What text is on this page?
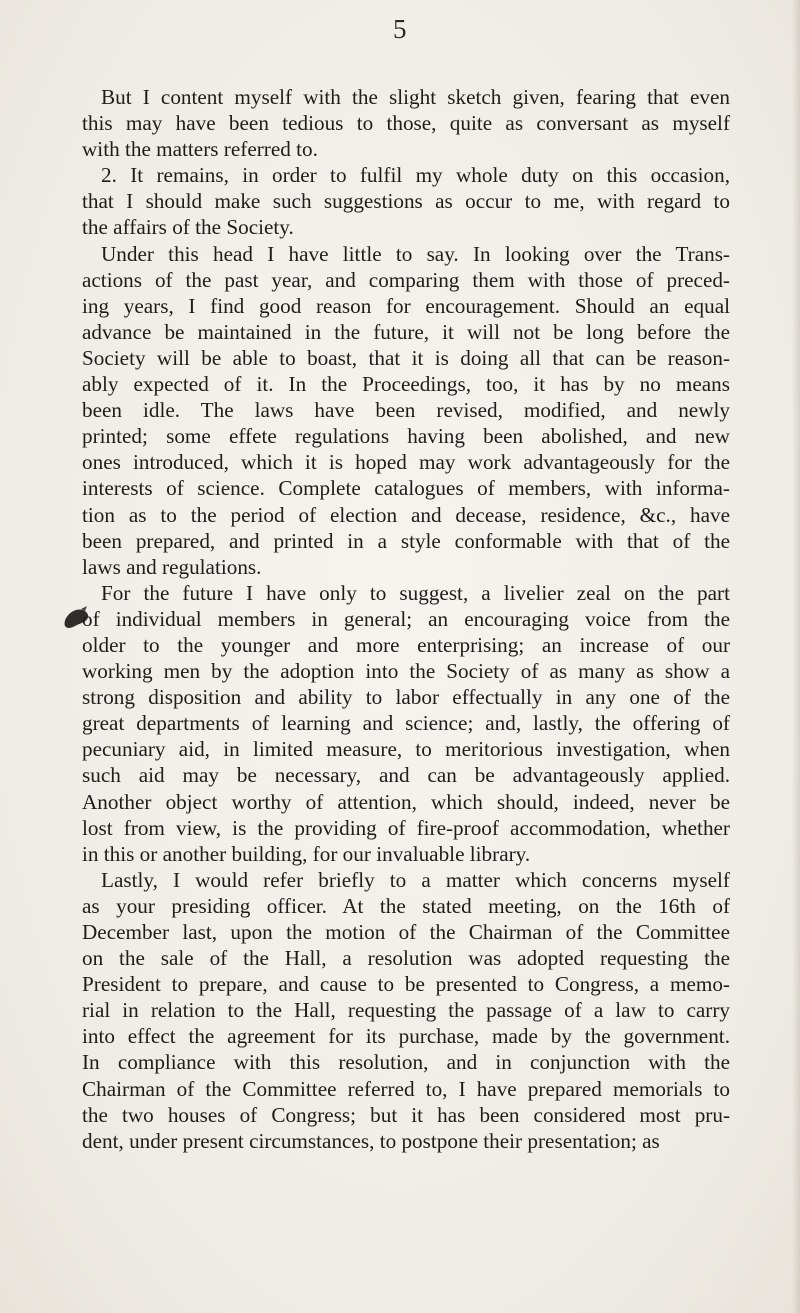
5
But I content myself with the slight sketch given, fearing that even
this may have been tedious to those, quite as conversant as myself
with the matters referred to.
2. It remains, in order to fulfil my whole duty on this occasion,
that I should make such suggestions as occur to me, with regard to
the affairs of the Society.
Under this head I have little to say. In looking over the Trans-
actions of the past year, and comparing them with those of preced-
ing years, I find good reason for encouragement. Should an equal
advance be maintained in the future, it will not be long before the
Society will be able to boast, that it is doing all that can be reason-
ably expected of it. In the Proceedings, too, it has by no means
been idle. The laws have been revised, modified, and newly
printed; some effete regulations having been abolished, and new
ones introduced, which it is hoped may work advantageously for the
interests of science. Complete catalogues of members, with informa-
tion as to the period of election and decease, residence, &c., have
been prepared, and printed in a style conformable with that of the
laws and regulations.
For the future I have only to suggest, a livelier zeal on the part
of individual members in general; an encouraging voice from the
older to the younger and more enterprising; an increase of our
working men by the adoption into the Society of as many as show a
strong disposition and ability to labor effectually in any one of the
great departments of learning and science; and, lastly, the offering of
pecuniary aid, in limited measure, to meritorious investigation, when
such aid may be necessary, and can be advantageously applied.
Another object worthy of attention, which should, indeed, never be
lost from view, is the providing of fire-proof accommodation, whether
in this or another building, for our invaluable library.
Lastly, I would refer briefly to a matter which concerns myself
as your presiding officer. At the stated meeting, on the 16th of
December last, upon the motion of the Chairman of the Committee
on the sale of the Hall, a resolution was adopted requesting the
President to prepare, and cause to be presented to Congress, a memo-
rial in relation to the Hall, requesting the passage of a law to carry
into effect the agreement for its purchase, made by the government.
In compliance with this resolution, and in conjunction with the
Chairman of the Committee referred to, I have prepared memorials to
the two houses of Congress; but it has been considered most pru-
dent, under present circumstances, to postpone their presentation; as
